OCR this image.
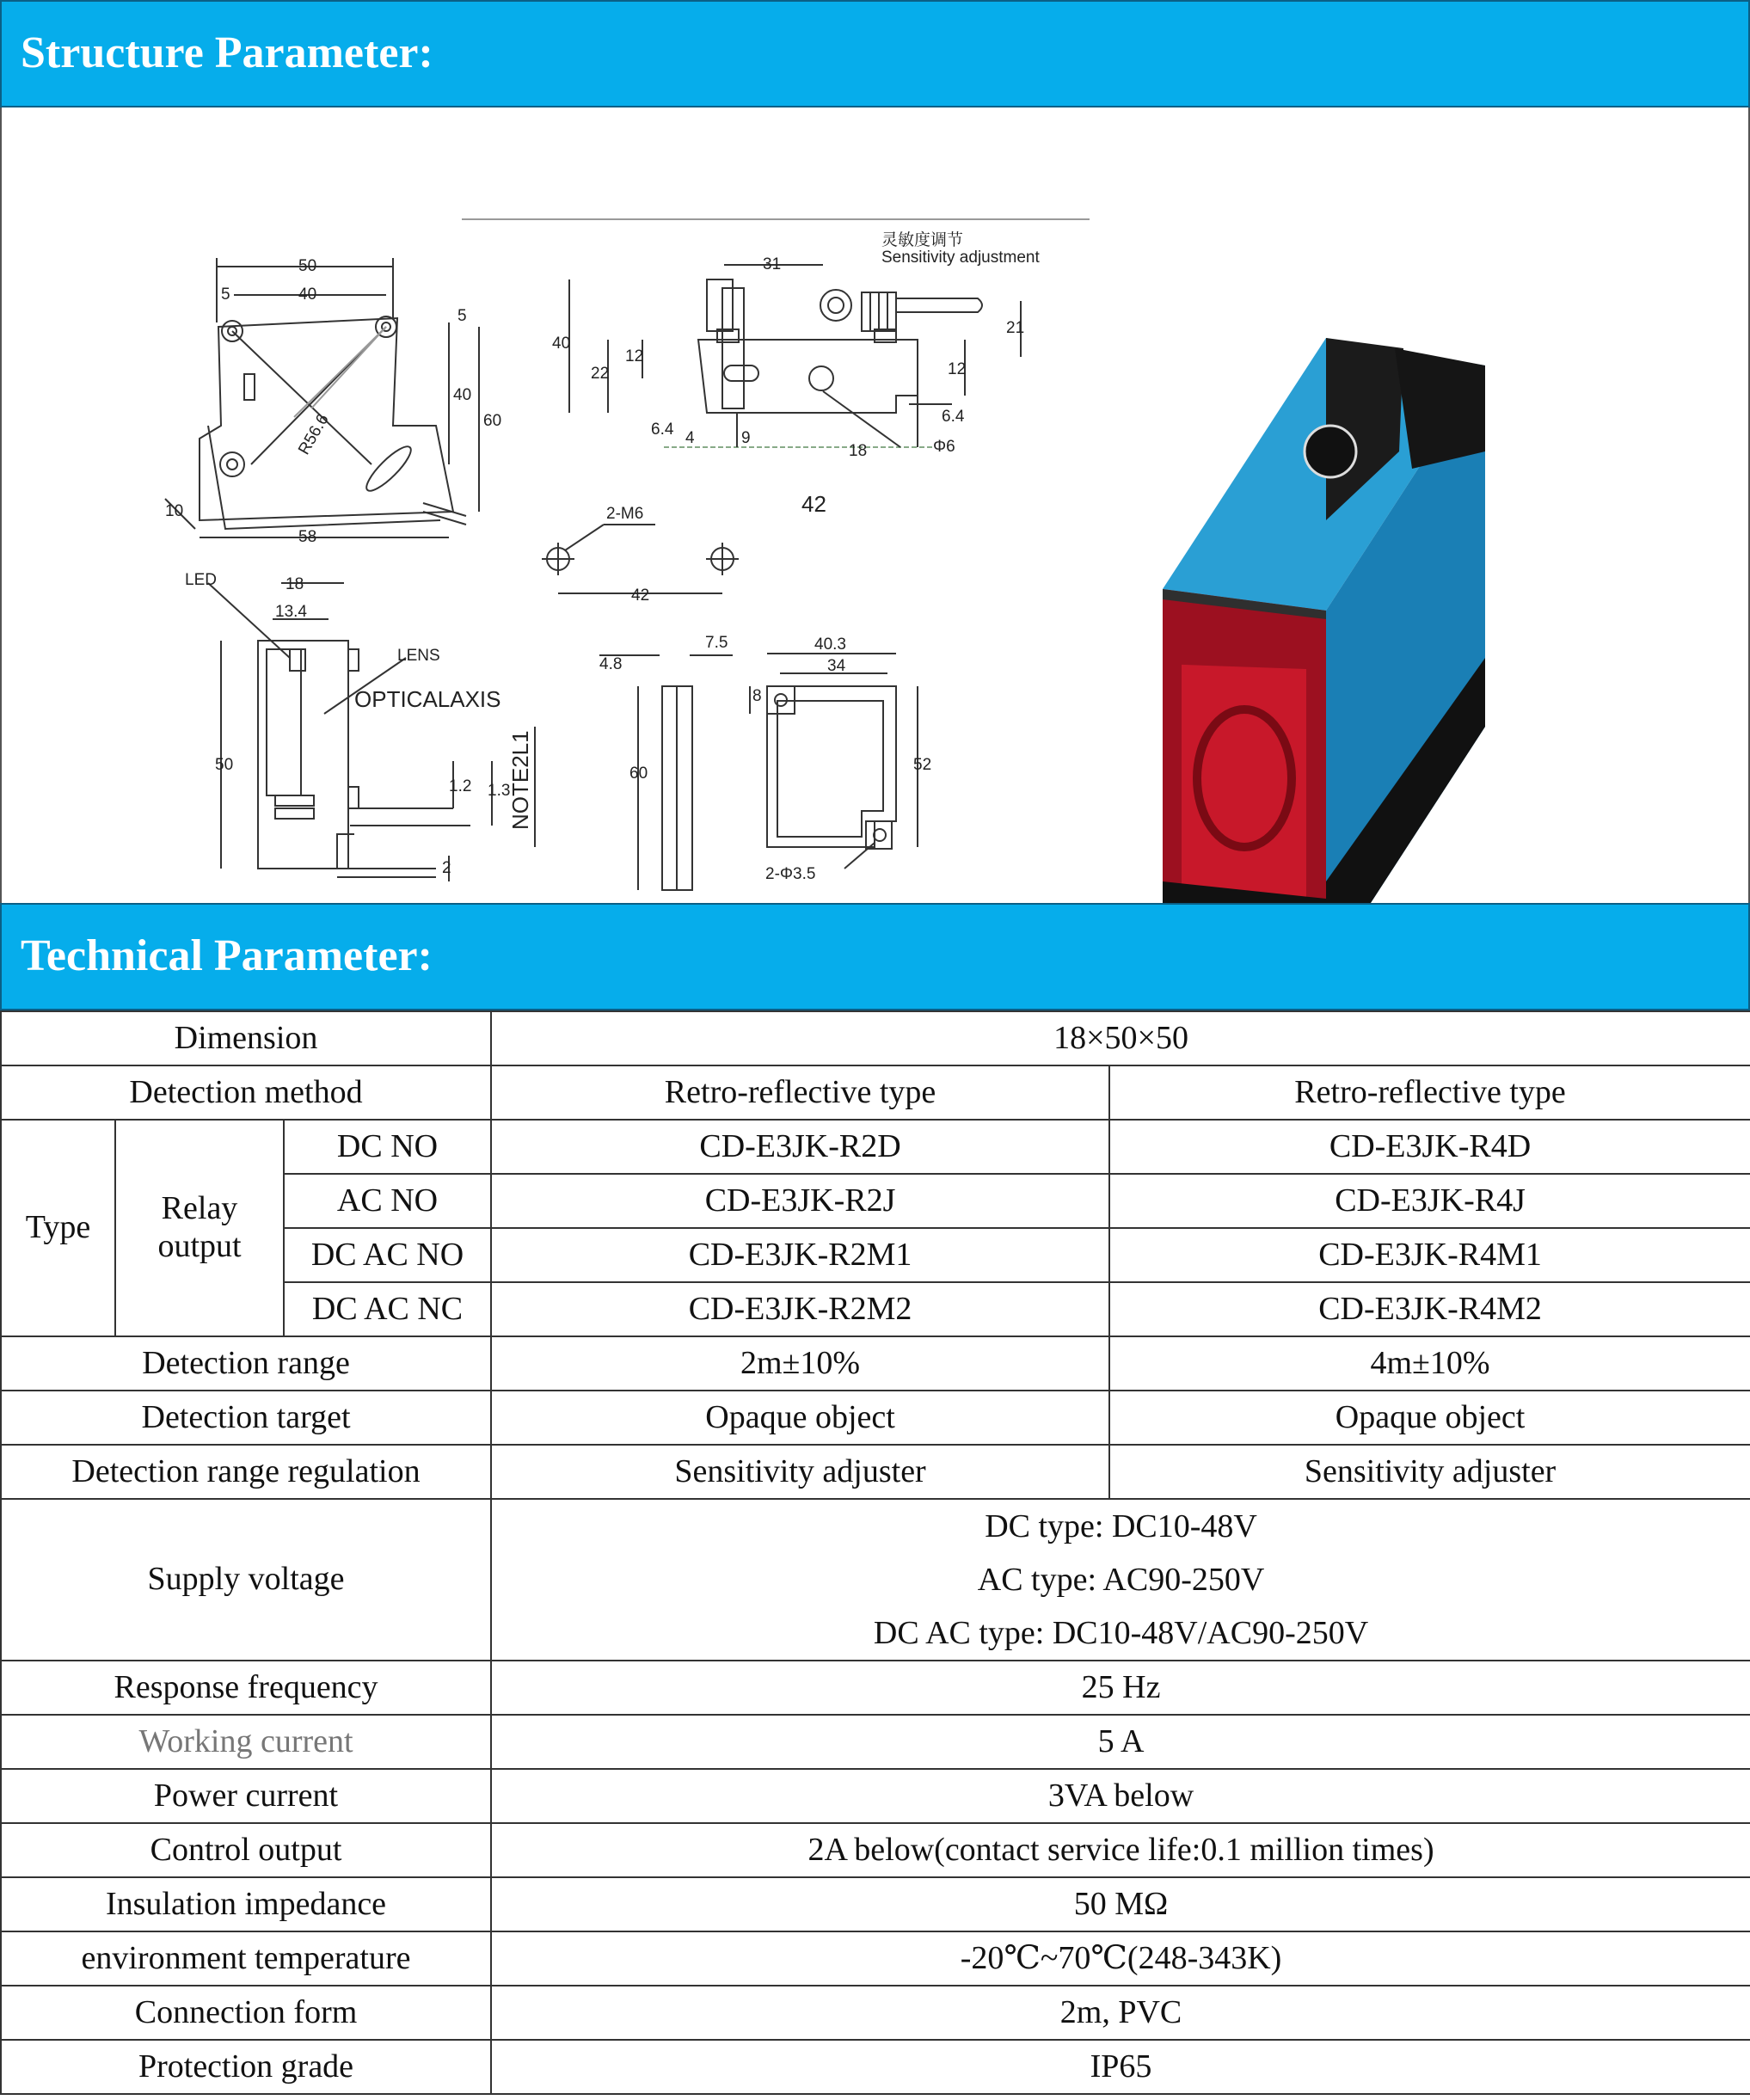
Structure Parameter:
50
40
5
5
60
40
10
58
R56.6
灵敏度调节
Sensitivity adjustment
31
40
22
12
21
12
6.4
6.4
4	9
18	Φ6
42
2-M6
42
LED	18
13.4
LENS
OPTICALAXIS
50
1.2 1.3
NOTE2L1
2
4.8
7.5
60
40.3
34
8
52
2-Φ3.5
Technical Parameter:
Dimension			18×50×50	
Detection method			Retro-reflective type	Retro-reflective type
Type	Relay output	DC NO	CD-E3JK-R2D	CD-E3JK-R4D
		AC NO	CD-E3JK-R2J	CD-E3JK-R4J
		DC AC NO	CD-E3JK-R2M1	CD-E3JK-R4M1
		DC AC NC	CD-E3JK-R2M2	CD-E3JK-R4M2
Detection range			2m±10%	4m±10%
Detection target			Opaque object	Opaque object
Detection range regulation			Sensitivity adjuster	Sensitivity adjuster
Supply voltage			DC type: DC10-48V
AC type: AC90-250V
DC AC type: DC10-48V/AC90-250V	

Response frequency			25 Hz	
Working current			5 A	
Power current			3VA below	
Control output			2A below(contact service life:0.1 million times)	
Insulation impedance			50 MΩ	
environment temperature			-20℃~70℃(248-343K)	
Connection form			2m, PVC	
Protection grade			IP65	
